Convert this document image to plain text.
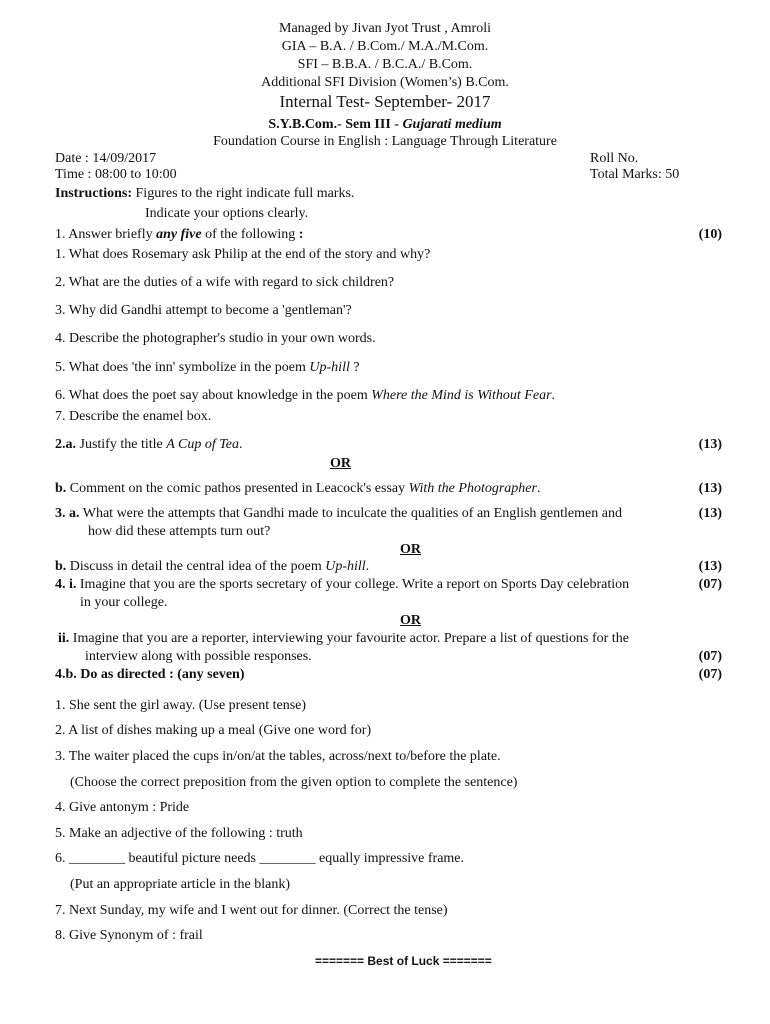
Managed by Jivan Jyot Trust , Amroli
GIA – B.A. / B.Com./ M.A./M.Com.
SFI – B.B.A. / B.C.A./ B.Com.
Additional SFI Division (Women’s) B.Com.
Internal Test- September- 2017
S.Y.B.Com.- Sem III - Gujarati medium
Foundation Course in English : Language Through Literature
Date : 14/09/2017	Roll No.
Time : 08:00 to 10:00	Total Marks: 50
Instructions: Figures to the right indicate full marks.
Indicate your options clearly.
1. Answer briefly any five of the following :	(10)
1. What does Rosemary ask Philip at the end of the story and why?
2. What are the duties of a wife with regard to sick children?
3. Why did Gandhi attempt to become a 'gentleman'?
4. Describe the photographer's studio in your own words.
5. What does 'the inn' symbolize in the poem Up-hill ?
6. What does the poet say about knowledge in the poem Where the Mind is Without Fear.
7. Describe the enamel box.
2.a. Justify the title A Cup of Tea.	(13)
OR
b. Comment on the comic pathos presented in Leacock's essay With the Photographer.	(13)
3. a. What were the attempts that Gandhi made to inculcate the qualities of an English gentlemen and
how did these attempts turn out?
(13)
OR
b. Discuss in detail the central idea of the poem Up-hill.	(13)
4. i. Imagine that you are the sports secretary of your college. Write a report on Sports Day celebration
in your college.
(07)
OR
ii. Imagine that you are a reporter, interviewing your favourite actor. Prepare a list of questions for the
interview along with possible responses.	(07)
4.b. Do as directed : (any seven)	(07)
1. She sent the girl away. (Use present tense)
2. A list of dishes making up a meal (Give one word for)
3. The waiter placed the cups in/on/at the tables, across/next to/before the plate.
(Choose the correct preposition from the given option to complete the sentence)
4. Give antonym : Pride
5. Make an adjective of the following : truth
6. ________ beautiful picture needs ________ equally impressive frame.
(Put an appropriate article in the blank)
7. Next Sunday, my wife and I went out for dinner. (Correct the tense)
8. Give Synonym of : frail
======= Best of Luck =======
